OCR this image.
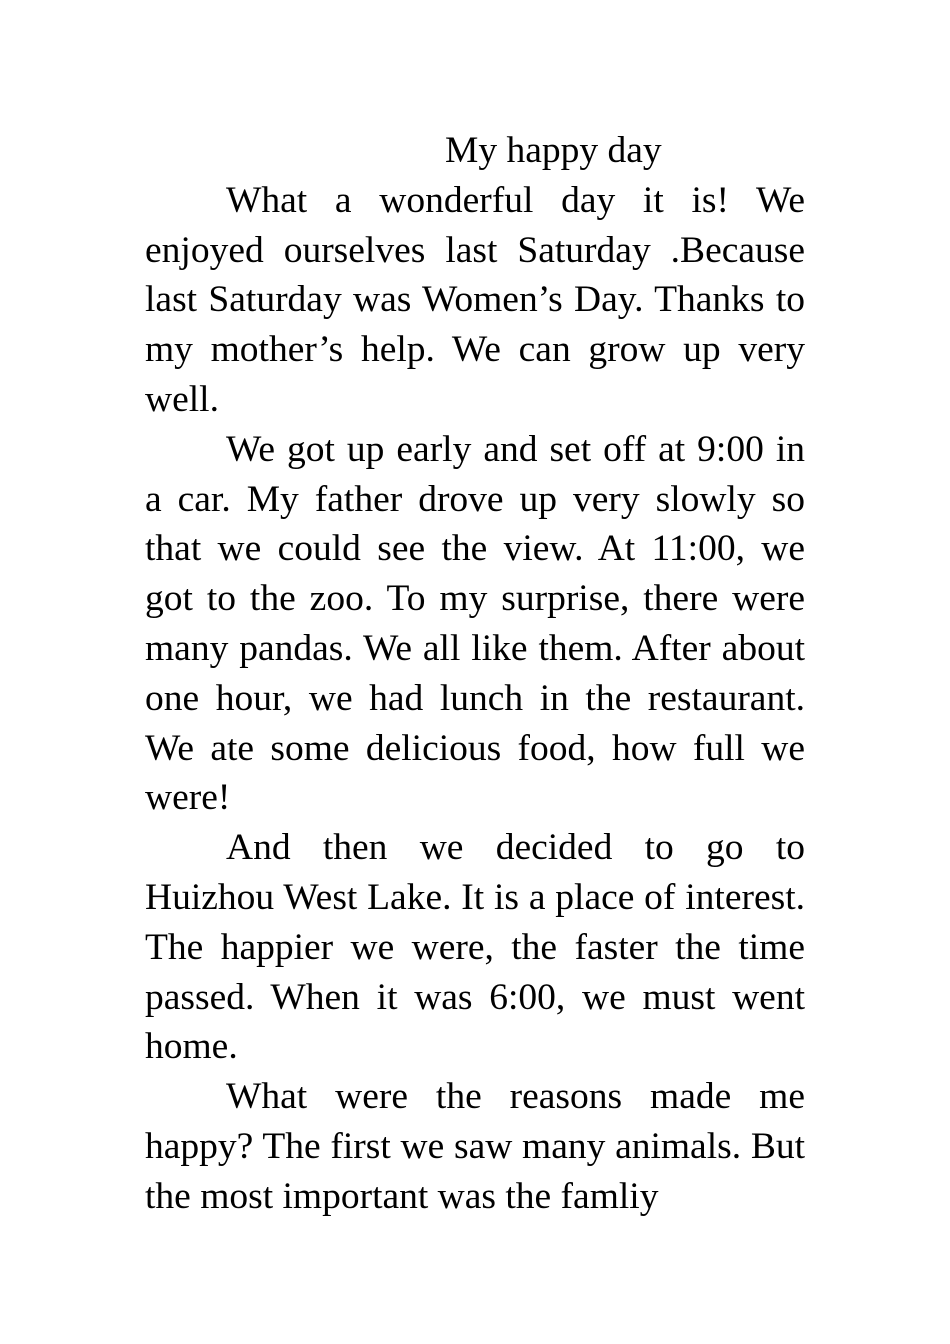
My happy day

What a wonderful day it is! We enjoyed ourselves last Saturday .Because last Saturday was Women’s Day. Thanks to my mother’s help. We can grow up very well.

We got up early and set off at 9:00 in a car. My father drove up very slowly so that we could see the view. At 11:00, we got to the zoo. To my surprise, there were many pandas. We all like them. After about one hour, we had lunch in the restaurant. We ate some delicious food, how full we were!

And then we decided to go to Huizhou West Lake. It is a place of interest. The happier we were, the faster the time passed. When it was 6:00, we must went home.

What were the reasons made me happy? The first we saw many animals. But the most important was the famliy
